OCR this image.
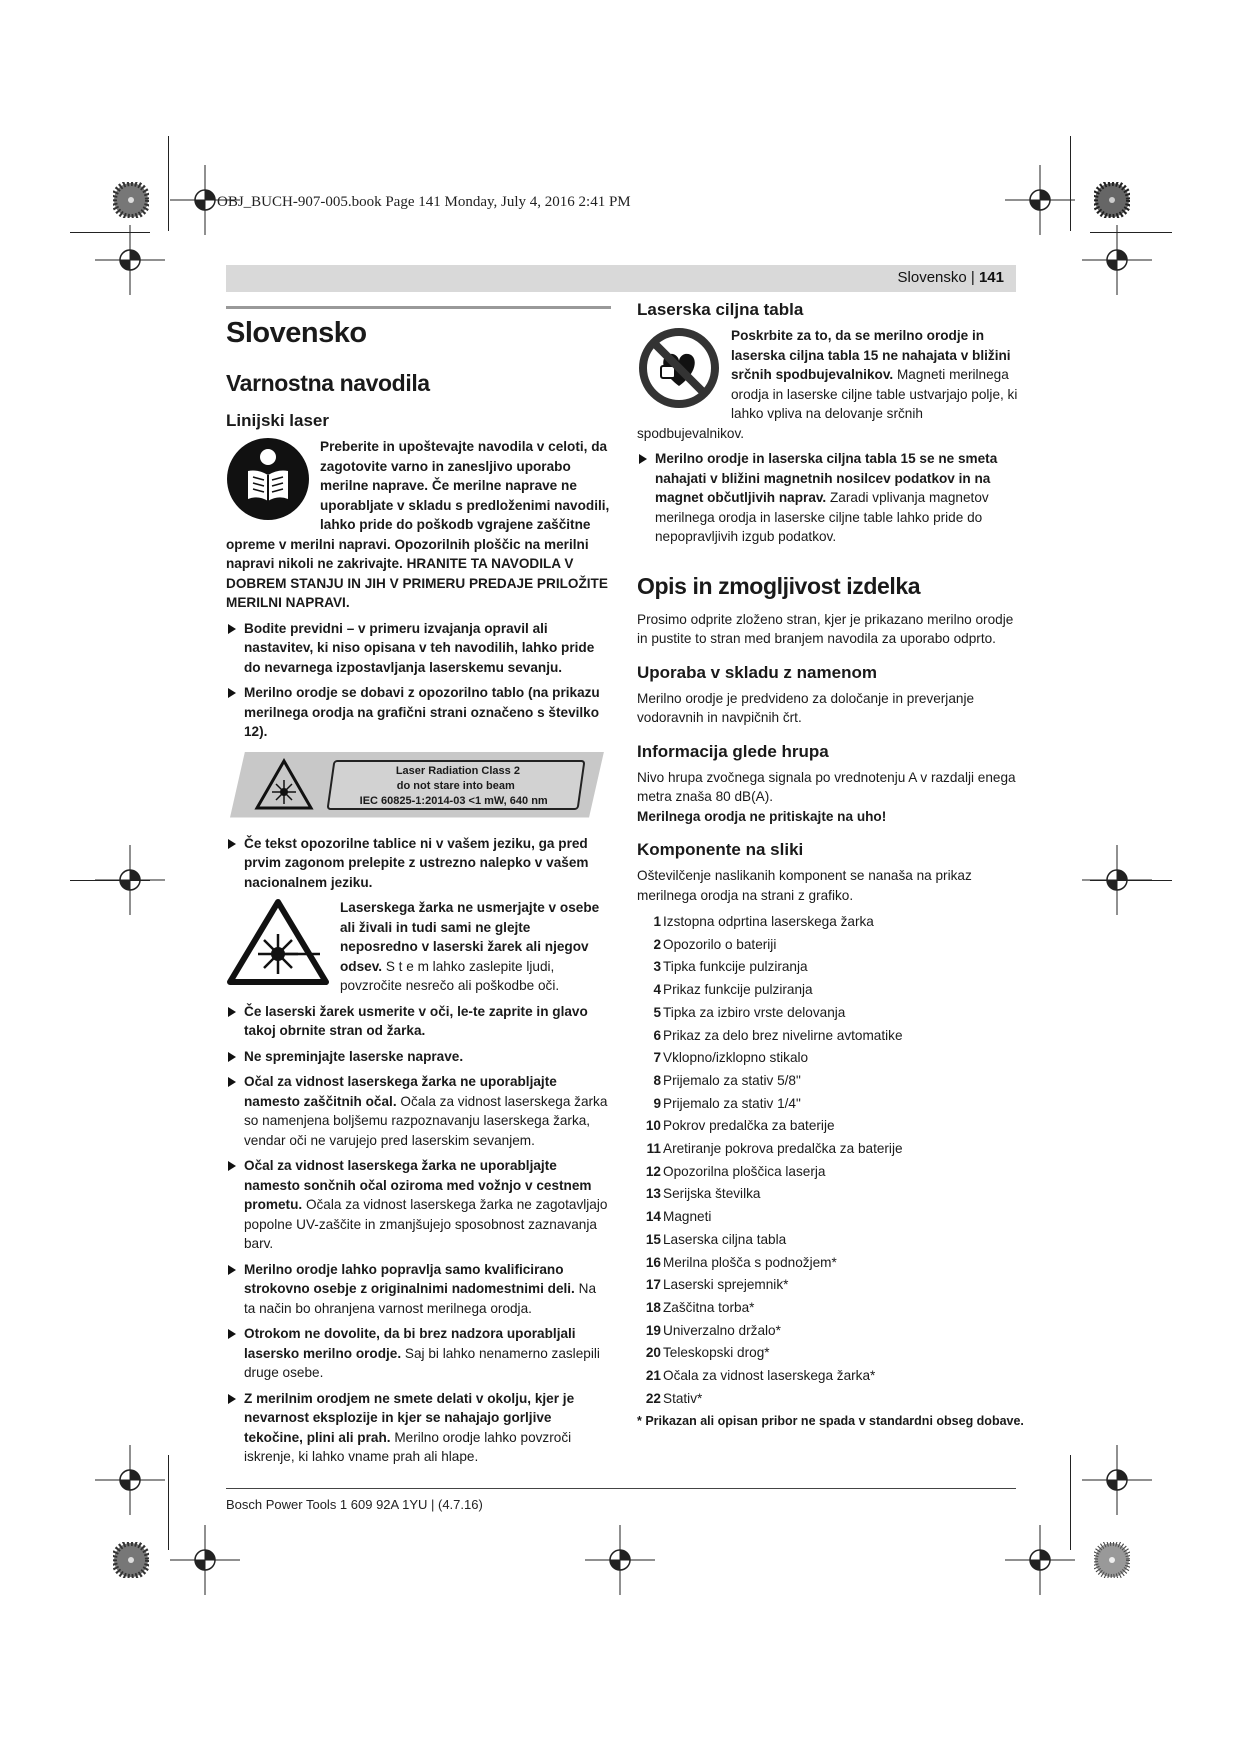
OBJ_BUCH-907-005.book Page 141 Monday, July 4, 2016 2:41 PM
Slovensko | 141
Slovensko
Varnostna navodila
Linijski laser

Preberite in upoštevajte navodila v celoti, da zagotovite varno in zanesljivo uporabo merilne naprave. Če merilne naprave ne uporabljate v skladu s predloženimi navodili, lahko pride do poškodb vgrajene zaščitne opreme v merilni napravi. Opozorilnih ploščic na merilni napravi nikoli ne zakrivajte. HRANITE TA NAVODILA V DOBREM STANJU IN JIH V PRIMERU PREDAJE PRILOŽITE MERILNI NAPRAVI.

Bodite previdni – v primeru izvajanja opravil ali nastavitev, ki niso opisana v teh navodilih, lahko pride do nevarnega izpostavljanja laserskemu sevanju.
Merilno orodje se dobavi z opozorilno tablo (na prikazu merilnega orodja na grafični strani označeno s številko 12).
Laser Radiation Class 2
do not stare into beam
IEC 60825-1:2014-03 <1 mW, 640 nm
Če tekst opozorilne tablice ni v vašem jeziku, ga pred prvim zagonom prelepite z ustrezno nalepko v vašem nacionalnem jeziku.

Laserskega žarka ne usmerjajte v osebe ali živali in tudi sami ne glejte neposredno v laserski žarek ali njegov odsev. S t e m lahko zaslepite ljudi, povzročite nesrečo ali poškodbe oči.

Če laserski žarek usmerite v oči, le-te zaprite in glavo takoj obrnite stran od žarka.
Ne spreminjajte laserske naprave.
Očal za vidnost laserskega žarka ne uporabljajte namesto zaščitnih očal. Očala za vidnost laserskega žarka so namenjena boljšemu razpoznavanju laserskega žarka, vendar oči ne varujejo pred laserskim sevanjem.
Očal za vidnost laserskega žarka ne uporabljajte namesto sončnih očal oziroma med vožnjo v cestnem prometu. Očala za vidnost laserskega žarka ne zagotavljajo popolne UV-zaščite in zmanjšujejo sposobnost zaznavanja barv.
Merilno orodje lahko popravlja samo kvalificirano strokovno osebje z originalnimi nadomestnimi deli. Na ta način bo ohranjena varnost merilnega orodja.
Otrokom ne dovolite, da bi brez nadzora uporabljali lasersko merilno orodje. Saj bi lahko nenamerno zaslepili druge osebe.
Z merilnim orodjem ne smete delati v okolju, kjer je nevarnost eksplozije in kjer se nahajajo gorljive tekočine, plini ali prah. Merilno orodje lahko povzroči iskrenje, ki lahko vname prah ali hlape.
Laserska ciljna tabla

Poskrbite za to, da se merilno orodje in laserska ciljna tabla 15 ne nahajata v bližini srčnih spodbujevalnikov. Magneti merilnega orodja in laserske ciljne table ustvarjajo polje, ki lahko vpliva na delovanje srčnih spodbujevalnikov.

Merilno orodje in laserska ciljna tabla 15 se ne smeta nahajati v bližini magnetnih nosilcev podatkov in na magnet občutljivih naprav. Zaradi vplivanja magnetov merilnega orodja in laserske ciljne table lahko pride do nepopravljivih izgub podatkov.
Opis in zmogljivost izdelka

Prosimo odprite zloženo stran, kjer je prikazano merilno orodje in pustite to stran med branjem navodila za uporabo odprto.

Uporaba v skladu z namenom

Merilno orodje je predvideno za določanje in preverjanje vodoravnih in navpičnih črt.

Informacija glede hrupa

Nivo hrupa zvočnega signala po vrednotenju A v razdalji enega metra znaša 80 dB(A).

Merilnega orodja ne pritiskajte na uho!

Komponente na sliki

Oštevilčenje naslikanih komponent se nanaša na prikaz merilnega orodja na strani z grafiko.

1 Izstopna odprtina laserskega žarka
2 Opozorilo o bateriji
3 Tipka funkcije pulziranja
4 Prikaz funkcije pulziranja
5 Tipka za izbiro vrste delovanja
6 Prikaz za delo brez nivelirne avtomatike
7 Vklopno/izklopno stikalo
8 Prijemalo za stativ 5/8"
9 Prijemalo za stativ 1/4"
10 Pokrov predalčka za baterije
11 Aretiranje pokrova predalčka za baterije
12 Opozorilna ploščica laserja
13 Serijska številka
14 Magneti
15 Laserska ciljna tabla
16 Merilna plošča s podnožjem*
17 Laserski sprejemnik*
18 Zaščitna torba*
19 Univerzalno držalo*
20 Teleskopski drog*
21 Očala za vidnost laserskega žarka*
22 Stativ*

* Prikazan ali opisan pribor ne spada v standardni obseg dobave.

Bosch Power Tools 1 609 92A 1YU | (4.7.16)
